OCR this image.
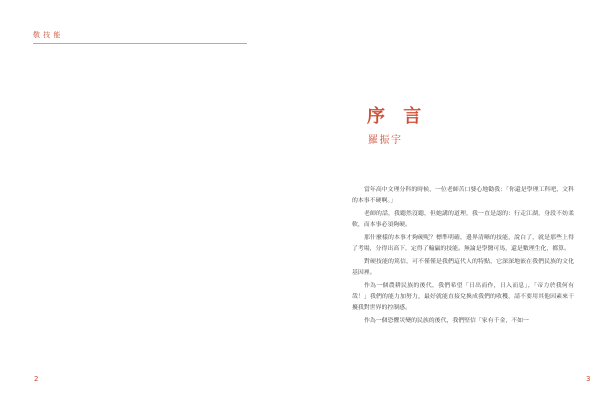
敬 技 能
2
序 言
羅振宇

當年高中文理分科的時候，一位老師苦口婆心地勸我：「你還是學理工科吧，文科的本事不硬啊。」

老師的話，我聽然沒聽，但她講的道理，我一直是認的：行走江湖，身段不妨柔軟，而本事必須夠硬。

那什麼樣的本事才夠硬呢？標準明確，邊界清晰的技能，說白了，就是那些上得了考場，分得出高下，定得了輸贏的技能。無論是學醫可馬，還是數理生化，都算。

對硬技能的篤信，可不僅僅是我們這代人的特點，它深深地嵌在我們民族的文化基因裡。

作為一個農耕民族的後代，我們希望「日出而作，日入而息」，「帝力於我何有哉！」我們的能力加努力，最好就能直接兌換成我們的收穫，請不要用其他因素來干擾我對世界的控制感。

作為一個恐懼災變的民族的後代，我們堅信「家有千金，不如一

3
